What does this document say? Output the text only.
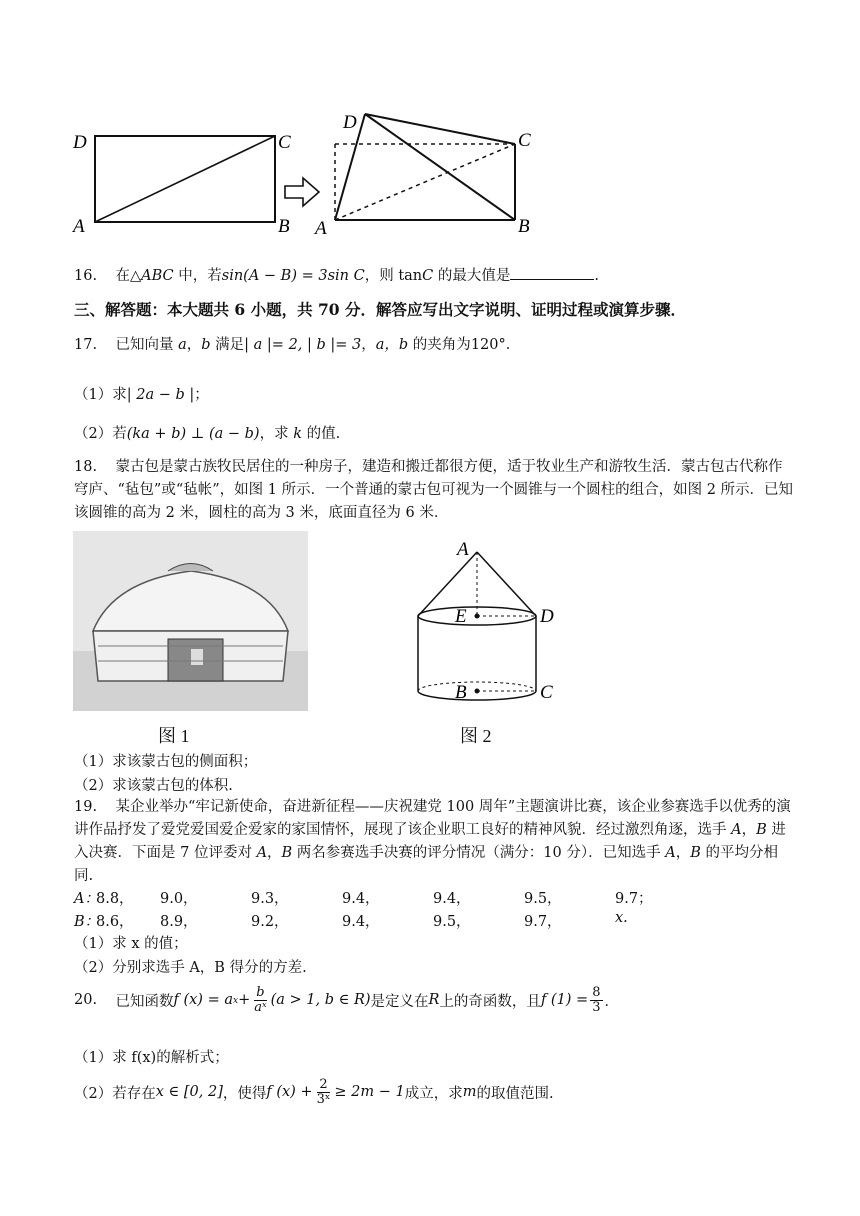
D	C
A	B
D
C
A	B
16. 在△ABC 中，若sin(A − B) = 3sin C，则 tanC 的最大值是	.
三、解答题：本大题共 6 小题，共 70 分．解答应写出文字说明、证明过程或演算步骤．
17. 已知向量 a，b 满足| a |= 2, | b |= 3，a，b 的夹角为120°．
（1）求| 2a − b |；
（2）若(ka + b) ⊥ (a − b)，求 k 的值.
18. 蒙古包是蒙古族牧民居住的一种房子，建造和搬迁都很方便，适于牧业生产和游牧生活．蒙古包古代称作穹庐、“毡包”或“毡帐”，如图 1 所示．一个普通的蒙古包可视为一个圆锥与一个圆柱的组合，如图 2 所示．已知该圆锥的高为 2 米，圆柱的高为 3 米，底面直径为 6 米．
图 1
A
E	D
B	C
图 2
（1）求该蒙古包的侧面积；
（2）求该蒙古包的体积.
19. 某企业举办“牢记新使命，奋进新征程——庆祝建党 100 周年”主题演讲比赛，该企业参赛选手以优秀的演讲作品抒发了爱党爱国爱企爱家的家国情怀，展现了该企业职工良好的精神风貌．经过激烈角逐，选手 A，B 进入决赛．下面是 7 位评委对 A，B 两名参赛选手决赛的评分情况（满分：10 分）．已知选手 A，B 的平均分相同.
A：
8.8， 9.0，	9.3，	9.4，	9.4，	9.5，	9.7；
B：
8.6， 8.9，	9.2，	9.4，	9.5，	9.7，	x.
（1）求 x 的值；
（2）分别求选手 A，B 得分的方差.
20.
已知函数 f (x) = a $x + \frac{b}{\text{aˣ}} (a > 1$, b ∈ R) 是定义在 R 上的奇函数，且 f $(1) = \frac{8}{3}$ ．
（1）求 f(x)的解析式；
（2）若存在 x ∈ [0, 2] ，使得 f $(x) + \frac{2}{\text{3ˣ}} \ge 2m - 1$ 成立，求 m 的取值范围.
